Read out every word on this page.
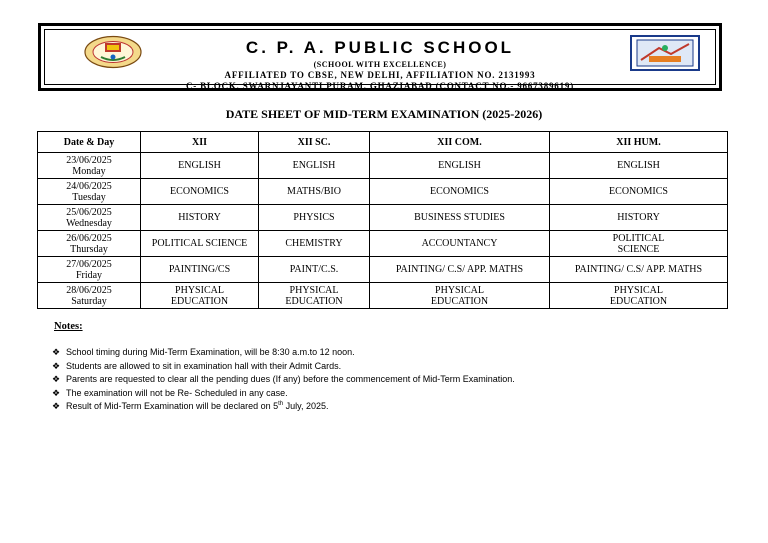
C. P. A. PUBLIC SCHOOL
(SCHOOL WITH EXCELLENCE)
AFFILIATED TO CBSE, NEW DELHI, AFFILIATION NO. 2131993
C- BLOCK, SWARNJAYANTI PURAM, GHAZIABAD (CONTACT NO.- 9667389619)
DATE SHEET OF MID-TERM EXAMINATION (2025-2026)
Date & Day	XII	XII SC.	XII COM.	XII HUM.
23/06/2025
Monday	ENGLISH	ENGLISH	ENGLISH	ENGLISH
24/06/2025
Tuesday	ECONOMICS	MATHS/BIO	ECONOMICS	ECONOMICS
25/06/2025
Wednesday	HISTORY	PHYSICS	BUSINESS STUDIES	HISTORY
26/06/2025
Thursday	POLITICAL SCIENCE	CHEMISTRY	ACCOUNTANCY	POLITICAL SCIENCE
27/06/2025
Friday	PAINTING/CS	PAINT/C.S.	PAINTING/ C.S/ APP. MATHS	PAINTING/ C.S/ APP. MATHS
28/06/2025
Saturday	PHYSICAL EDUCATION	PHYSICAL EDUCATION	PHYSICAL EDUCATION	PHYSICAL EDUCATION
Notes:
❖ School timing during Mid-Term Examination, will be 8:30 a.m.to 12 noon.
❖ Students are allowed to sit in examination hall with their Admit Cards.
❖ Parents are requested to clear all the pending dues (If any) before the commencement of Mid-Term Examination.
❖ The examination will not be Re- Scheduled in any case.
❖ Result of Mid-Term Examination will be declared on 5th July, 2025.
